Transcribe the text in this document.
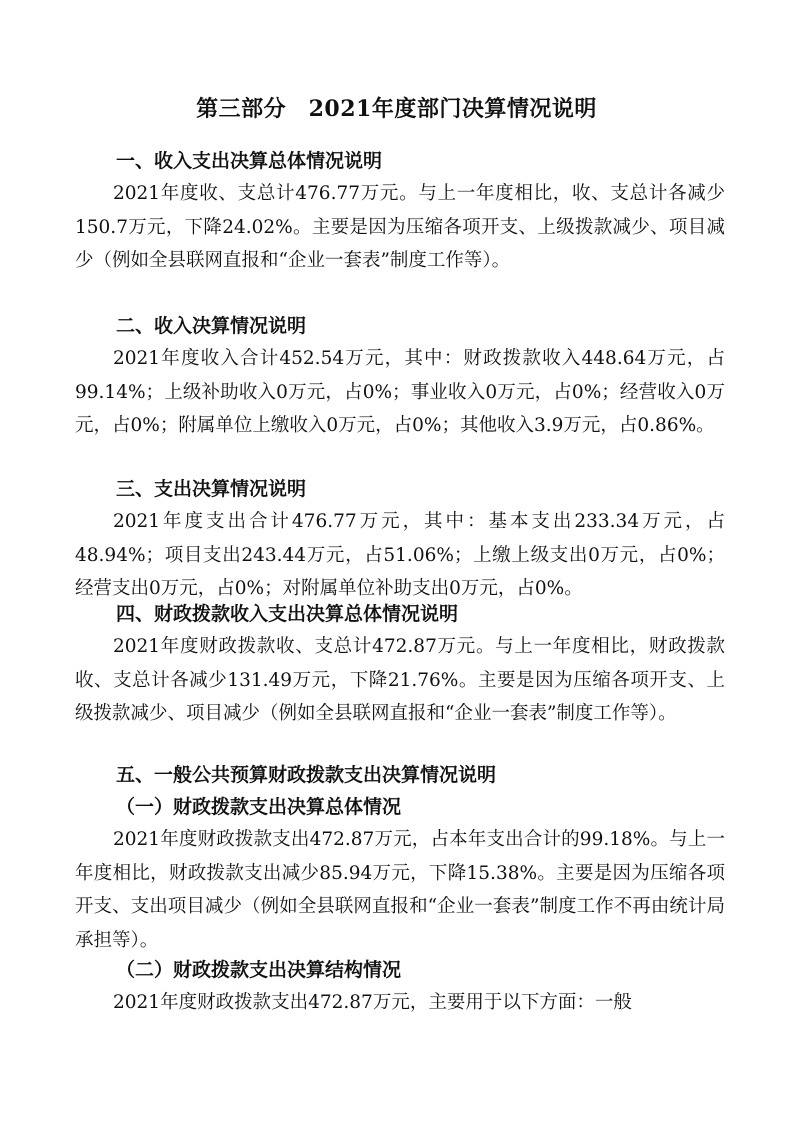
第三部分　2021年度部门决算情况说明
一、收入支出决算总体情况说明

2021年度收、支总计476.77万元。与上一年度相比，收、支总计各减少150.7万元，下降24.02%。主要是因为压缩各项开支、上级拨款减少、项目减少（例如全县联网直报和“企业一套表”制度工作等）。

二、收入决算情况说明

2021年度收入合计452.54万元，其中：财政拨款收入448.64万元，占99.14%；上级补助收入0万元，占0%；事业收入0万元，占0%；经营收入0万元，占0%；附属单位上缴收入0万元，占0%；其他收入3.9万元，占0.86%。

三、支出决算情况说明

2021年度支出合计476.77万元，其中：基本支出233.34万元，占48.94%；项目支出243.44万元，占51.06%；上缴上级支出0万元，占0%；经营支出0万元，占0%；对附属单位补助支出0万元，占0%。

四、财政拨款收入支出决算总体情况说明

2021年度财政拨款收、支总计472.87万元。与上一年度相比，财政拨款收、支总计各减少131.49万元，下降21.76%。主要是因为压缩各项开支、上级拨款减少、项目减少（例如全县联网直报和“企业一套表”制度工作等）。

五、一般公共预算财政拨款支出决算情况说明
（一）财政拨款支出决算总体情况

2021年度财政拨款支出472.87万元，占本年支出合计的99.18%。与上一年度相比，财政拨款支出减少85.94万元，下降15.38%。主要是因为压缩各项开支、支出项目减少（例如全县联网直报和“企业一套表”制度工作不再由统计局承担等）。

（二）财政拨款支出决算结构情况

2021年度财政拨款支出472.87万元，主要用于以下方面：一般
